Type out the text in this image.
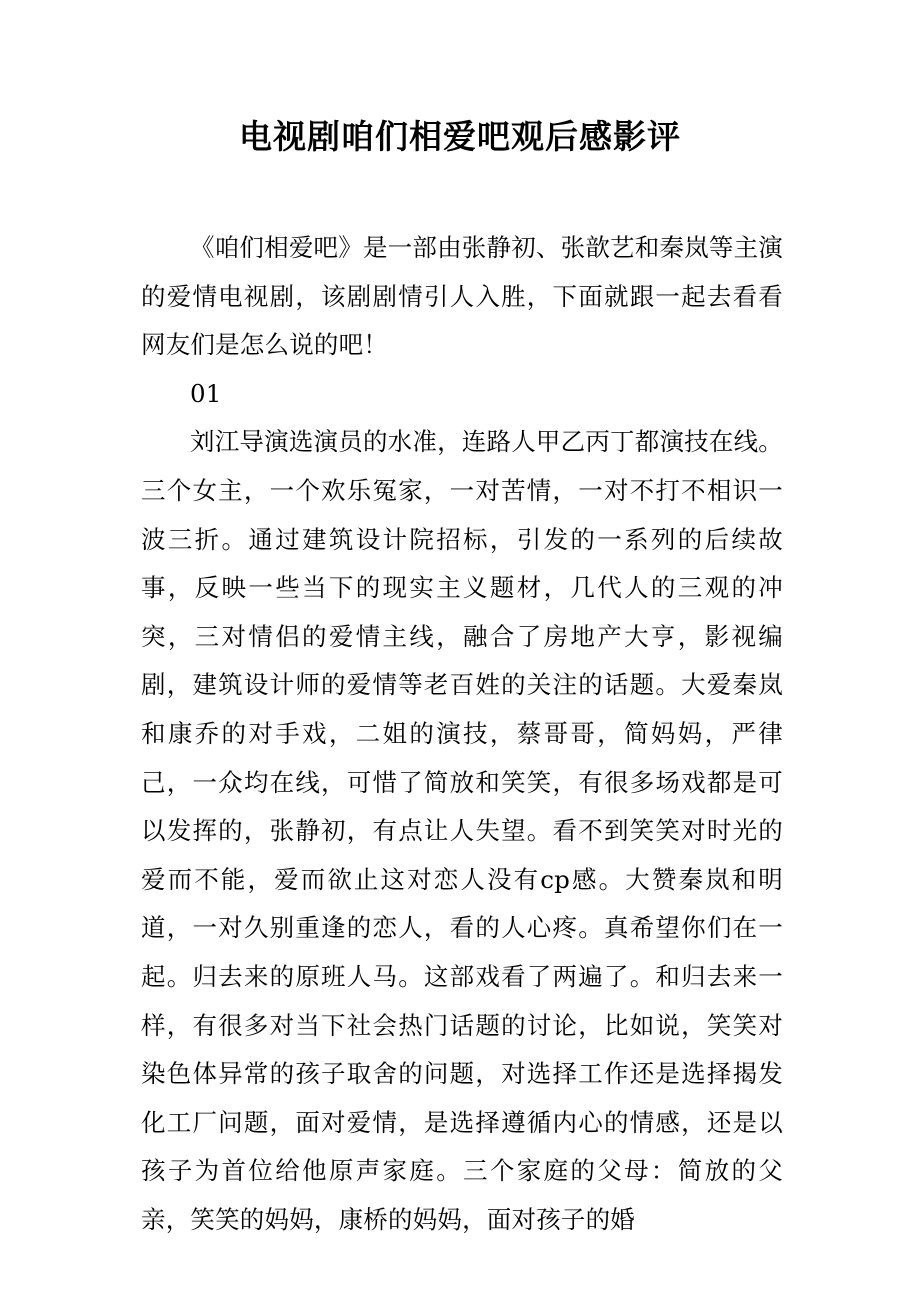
电视剧咱们相爱吧观后感影评

《咱们相爱吧》是一部由张静初、张歆艺和秦岚等主演的爱情电视剧，该剧剧情引人入胜，下面就跟一起去看看网友们是怎么说的吧！

01

刘江导演选演员的水准，连路人甲乙丙丁都演技在线。三个女主，一个欢乐冤家，一对苦情，一对不打不相识一波三折。通过建筑设计院招标，引发的一系列的后续故事，反映一些当下的现实主义题材，几代人的三观的冲突，三对情侣的爱情主线，融合了房地产大亨，影视编剧，建筑设计师的爱情等老百姓的关注的话题。大爱秦岚和康乔的对手戏，二姐的演技，蔡哥哥，简妈妈，严律己，一众均在线，可惜了简放和笑笑，有很多场戏都是可以发挥的，张静初，有点让人失望。看不到笑笑对时光的爱而不能，爱而欲止这对恋人没有cp感。大赞秦岚和明道，一对久别重逢的恋人，看的人心疼。真希望你们在一起。归去来的原班人马。这部戏看了两遍了。和归去来一样，有很多对当下社会热门话题的讨论，比如说，笑笑对染色体异常的孩子取舍的问题，对选择工作还是选择揭发化工厂问题，面对爱情，是选择遵循内心的情感，还是以孩子为首位给他原声家庭。三个家庭的父母：简放的父亲，笑笑的妈妈，康桥的妈妈，面对孩子的婚
